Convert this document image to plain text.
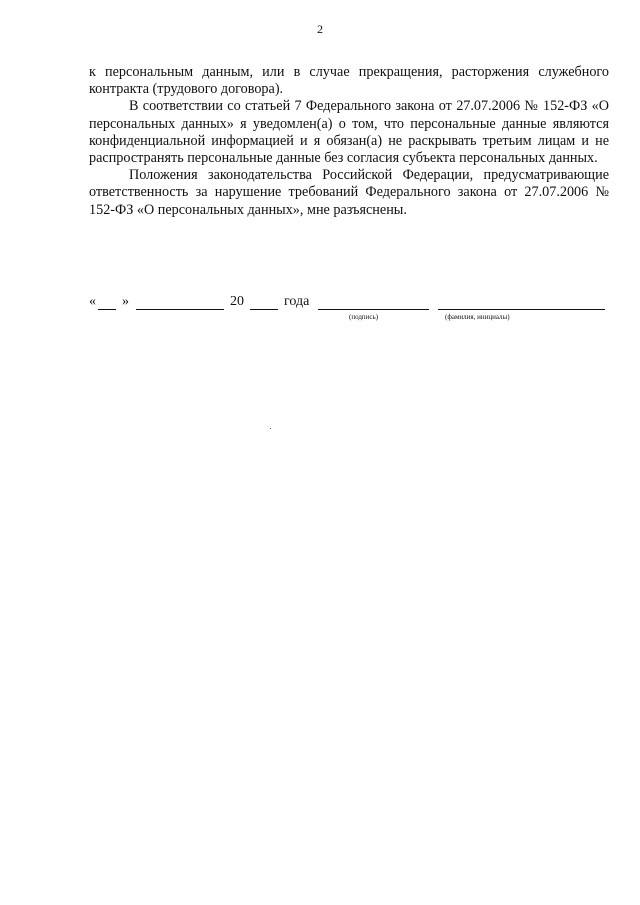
2

к персональным данным, или в случае прекращения, расторжения служебного контракта (трудового договора).

В соответствии со статьей 7 Федерального закона от 27.07.2006 № 152-ФЗ «О персональных данных» я уведомлен(а) о том, что персональные данные являются конфиденциальной информацией и я обязан(а) не раскрывать третьим лицам и не распространять персональные данные без согласия субъекта персональных данных.

Положения законодательства Российской Федерации, предусматривающие ответственность за нарушение требований Федерального закона от 27.07.2006 № 152-ФЗ «О персональных данных», мне разъяснены.

« »	20	года
(подпись)	(фамилия, инициалы)
